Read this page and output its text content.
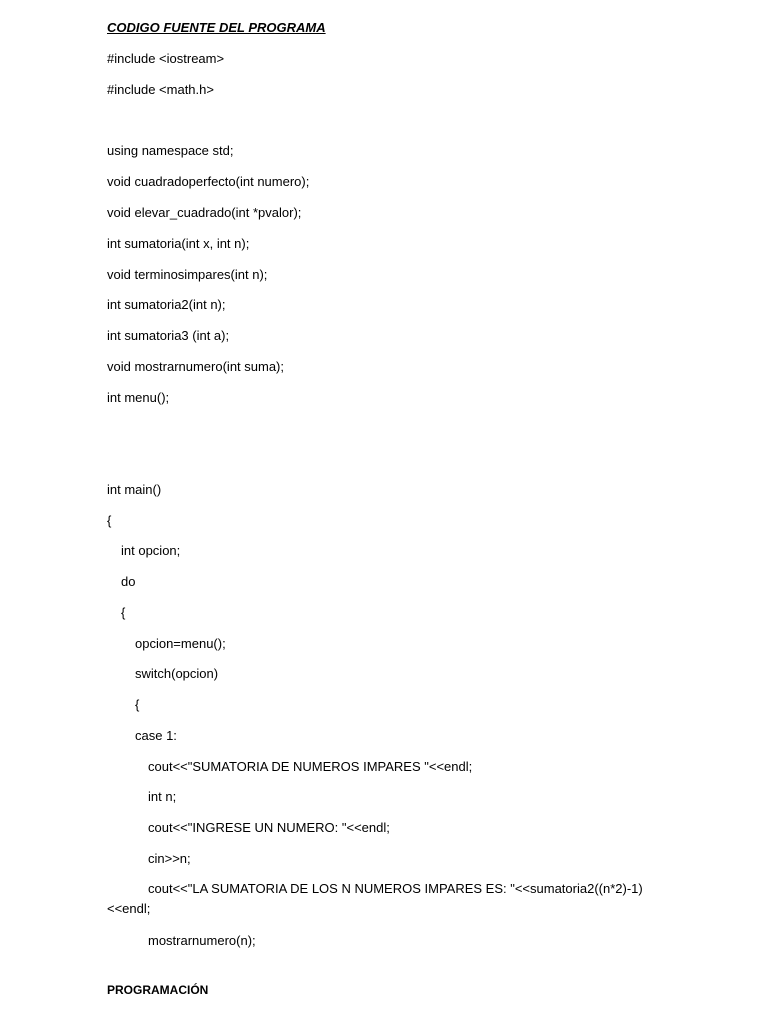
CODIGO FUENTE DEL PROGRAMA
#include <iostream>
#include <math.h>
using namespace std;
void cuadradoperfecto(int numero);
void elevar_cuadrado(int *pvalor);
int sumatoria(int x, int n);
void terminosimpares(int n);
int sumatoria2(int n);
int sumatoria3 (int a);
void mostrarnumero(int suma);
int menu();
int main()
{
int opcion;
do
{
opcion=menu();
switch(opcion)
{
case 1:
cout<<"SUMATORIA DE NUMEROS IMPARES "<<endl;
int n;
cout<<"INGRESE UN NUMERO: "<<endl;
cin>>n;
cout<<"LA SUMATORIA DE LOS N NUMEROS IMPARES ES: "<<sumatoria2((n*2)-1)<<endl;
mostrarnumero(n);
PROGRAMACIÓN
